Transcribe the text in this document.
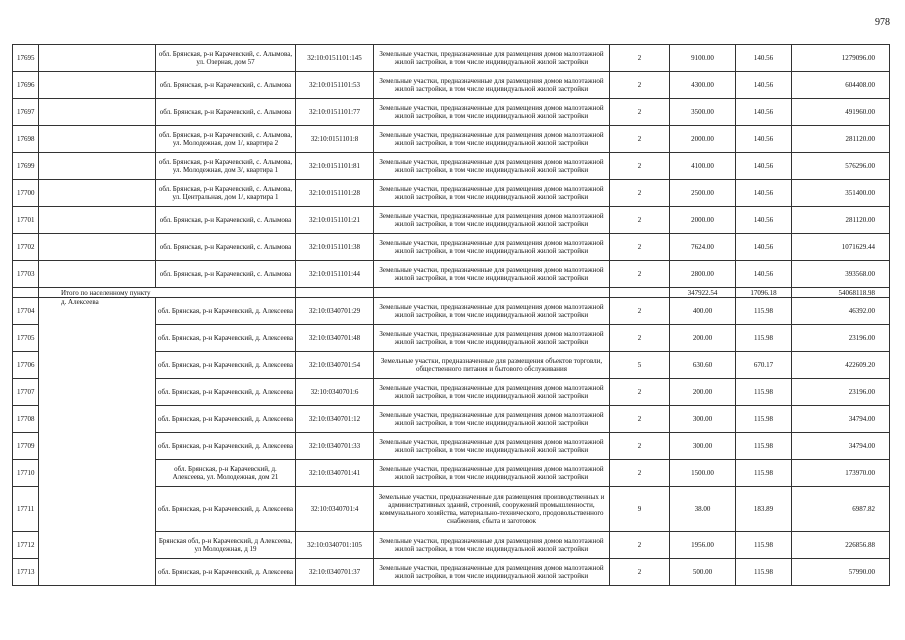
978
17695		обл. Брянская, р-н Карачевский, с. Алымова, ул. Озерная, дом 57	32:10:0151101:145	Земельные участки, предназначенные для размещения домов малоэтажной жилой застройки, в том числе индивидуальной жилой застройки	2	9100.00	140.56	1279096.00
17696		обл. Брянская, р-н Карачевский, с. Алымова	32:10:0151101:53	Земельные участки, предназначенные для размещения домов малоэтажной жилой застройки, в том числе индивидуальной жилой застройки	2	4300.00	140.56	604408.00
17697		обл. Брянская, р-н Карачевский, с. Алымова	32:10:0151101:77	Земельные участки, предназначенные для размещения домов малоэтажной жилой застройки, в том числе индивидуальной жилой застройки	2	3500.00	140.56	491960.00
17698		обл. Брянская, р-н Карачевский, с. Алымова, ул. Молодежная, дом 1/, квартира 2	32:10:0151101:8	Земельные участки, предназначенные для размещения домов малоэтажной жилой застройки, в том числе индивидуальной жилой застройки	2	2000.00	140.56	281120.00
17699		обл. Брянская, р-н Карачевский, с. Алымова, ул. Молодежная, дом 3/, квартира 1	32:10:0151101:81	Земельные участки, предназначенные для размещения домов малоэтажной жилой застройки, в том числе индивидуальной жилой застройки	2	4100.00	140.56	576296.00
17700		обл. Брянская, р-н Карачевский, с. Алымова, ул. Центральная, дом 1/, квартира 1	32:10:0151101:28	Земельные участки, предназначенные для размещения домов малоэтажной жилой застройки, в том числе индивидуальной жилой застройки	2	2500.00	140.56	351400.00
17701		обл. Брянская, р-н Карачевский, с. Алымова	32:10:0151101:21	Земельные участки, предназначенные для размещения домов малоэтажной жилой застройки, в том числе индивидуальной жилой застройки	2	2000.00	140.56	281120.00
17702		обл. Брянская, р-н Карачевский, с. Алымова	32:10:0151101:38	Земельные участки, предназначенные для размещения домов малоэтажной жилой застройки, в том числе индивидуальной жилой застройки	2	7624.00	140.56	1071629.44
17703		обл. Брянская, р-н Карачевский, с. Алымова	32:10:0151101:44	Земельные участки, предназначенные для размещения домов малоэтажной жилой застройки, в том числе индивидуальной жилой застройки	2	2800.00	140.56	393568.00
	Итого по населенному пункту					347922.54	17096.18	54068118.98
17704	д. Алексеева	обл. Брянская, р-н Карачевский, д. Алексеева	32:10:0340701:29	Земельные участки, предназначенные для размещения домов малоэтажной жилой застройки, в том числе индивидуальной жилой застройки	2	400.00	115.98	46392.00
17705		обл. Брянская, р-н Карачевский, д. Алексеева	32:10:0340701:48	Земельные участки, предназначенные для размещения домов малоэтажной жилой застройки, в том числе индивидуальной жилой застройки	2	200.00	115.98	23196.00
17706		обл. Брянская, р-н Карачевский, д. Алексеева	32:10:0340701:54	Земельные участки, предназначенные для размещения объектов торговли, общественного питания и бытового обслуживания	5	630.60	670.17	422609.20
17707		обл. Брянская, р-н Карачевский, д. Алексеева	32:10:0340701:6	Земельные участки, предназначенные для размещения домов малоэтажной жилой застройки, в том числе индивидуальной жилой застройки	2	200.00	115.98	23196.00
17708		обл. Брянская, р-н Карачевский, д. Алексеева	32:10:0340701:12	Земельные участки, предназначенные для размещения домов малоэтажной жилой застройки, в том числе индивидуальной жилой застройки	2	300.00	115.98	34794.00
17709		обл. Брянская, р-н Карачевский, д. Алексеева	32:10:0340701:33	Земельные участки, предназначенные для размещения домов малоэтажной жилой застройки, в том числе индивидуальной жилой застройки	2	300.00	115.98	34794.00
17710		обл. Брянская, р-н Карачевский, д. Алексеева, ул. Молодежная, дом 21	32:10:0340701:41	Земельные участки, предназначенные для размещения домов малоэтажной жилой застройки, в том числе индивидуальной жилой застройки	2	1500.00	115.98	173970.00
17711		обл. Брянская, р-н Карачевский, д. Алексеева	32:10:0340701:4	Земельные участки, предназначенные для размещения производственных и административных зданий, строений, сооружений промышленности, коммунального хозяйства, материально-технического, продовольственного снабжения, сбыта и заготовок	9	38.00	183.89	6987.82
17712		Брянская обл, р-н Карачевский, д Алексеева, ул Молодежная, д 19	32:10:0340701:105	Земельные участки, предназначенные для размещения домов малоэтажной жилой застройки, в том числе индивидуальной жилой застройки	2	1956.00	115.98	226856.88
17713		обл. Брянская, р-н Карачевский, д. Алексеева	32:10:0340701:37	Земельные участки, предназначенные для размещения домов малоэтажной жилой застройки, в том числе индивидуальной жилой застройки	2	500.00	115.98	57990.00
